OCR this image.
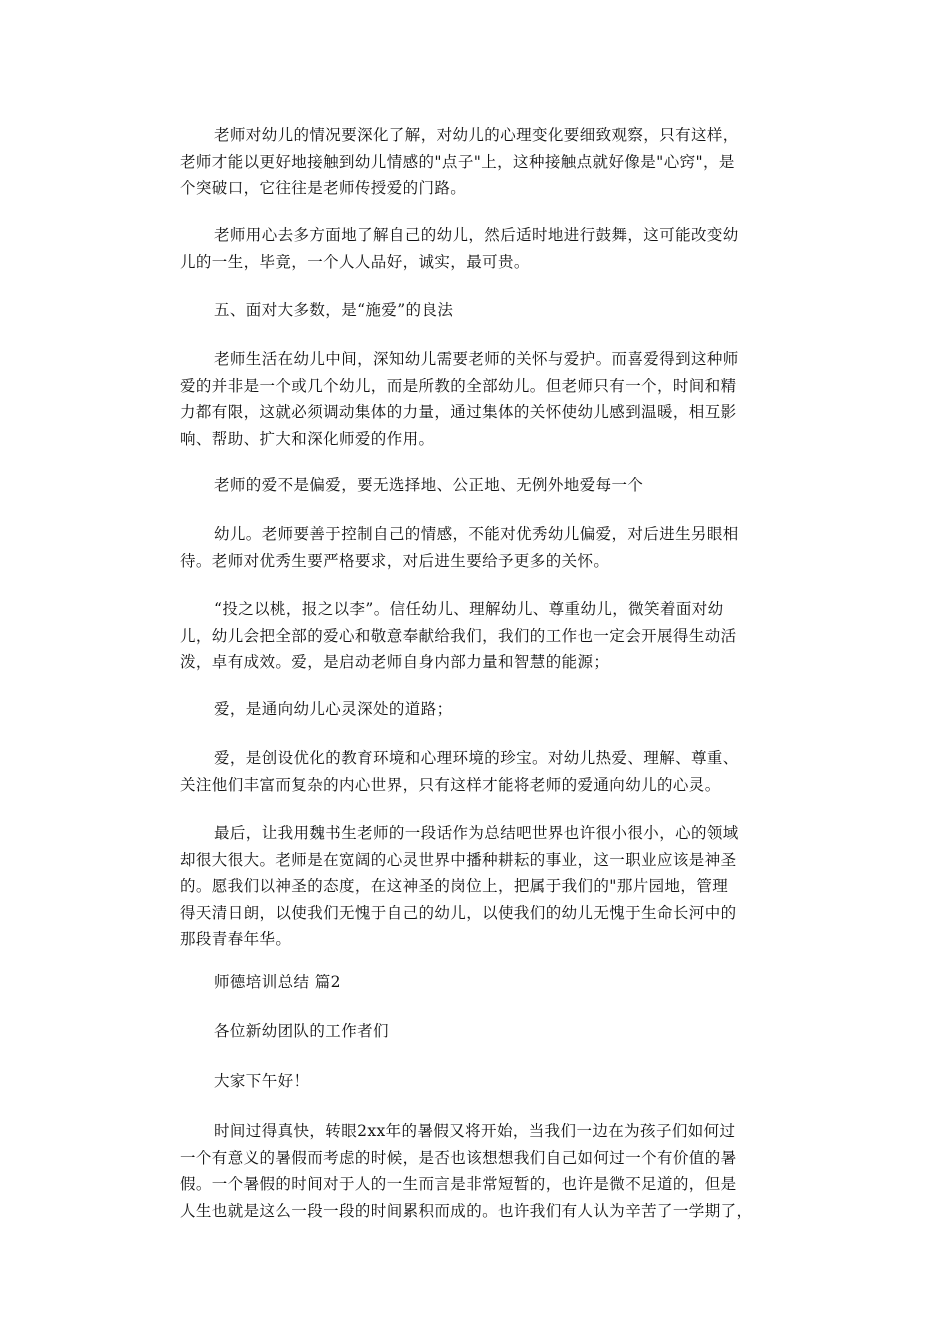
老师对幼儿的情况要深化了解，对幼儿的心理变化要细致观察，只有这样，
老师才能以更好地接触到幼儿情感的"点子"上，这种接触点就好像是"心窍"，是
个突破口，它往往是老师传授爱的门路。

老师用心去多方面地了解自己的幼儿，然后适时地进行鼓舞，这可能改变幼
儿的一生，毕竟，一个人人品好，诚实，最可贵。

五、面对大多数，是“施爱”的良法

老师生活在幼儿中间，深知幼儿需要老师的关怀与爱护。而喜爱得到这种师
爱的并非是一个或几个幼儿，而是所教的全部幼儿。但老师只有一个，时间和精
力都有限，这就必须调动集体的力量，通过集体的关怀使幼儿感到温暖，相互影
响、帮助、扩大和深化师爱的作用。

老师的爱不是偏爱，要无选择地、公正地、无例外地爱每一个

幼儿。老师要善于控制自己的情感，不能对优秀幼儿偏爱，对后进生另眼相
待。老师对优秀生要严格要求，对后进生要给予更多的关怀。

“投之以桃，报之以李”。信任幼儿、理解幼儿、尊重幼儿，微笑着面对幼
儿，幼儿会把全部的爱心和敬意奉献给我们，我们的工作也一定会开展得生动活
泼，卓有成效。爱，是启动老师自身内部力量和智慧的能源；

爱，是通向幼儿心灵深处的道路；

爱，是创设优化的教育环境和心理环境的珍宝。对幼儿热爱、理解、尊重、
关注他们丰富而复杂的内心世界，只有这样才能将老师的爱通向幼儿的心灵。

最后，让我用魏书生老师的一段话作为总结吧世界也许很小很小，心的领域
却很大很大。老师是在宽阔的心灵世界中播种耕耘的事业，这一职业应该是神圣
的。愿我们以神圣的态度，在这神圣的岗位上，把属于我们的"那片园地，管理
得天清日朗，以使我们无愧于自己的幼儿，以使我们的幼儿无愧于生命长河中的
那段青春年华。

师德培训总结 篇2

各位新幼团队的工作者们

大家下午好！

时间过得真快，转眼2xx年的暑假又将开始，当我们一边在为孩子们如何过
一个有意义的暑假而考虑的时候，是否也该想想我们自己如何过一个有价值的暑
假。一个暑假的时间对于人的一生而言是非常短暂的，也许是微不足道的，但是
人生也就是这么一段一段的时间累积而成的。也许我们有人认为辛苦了一学期了，
